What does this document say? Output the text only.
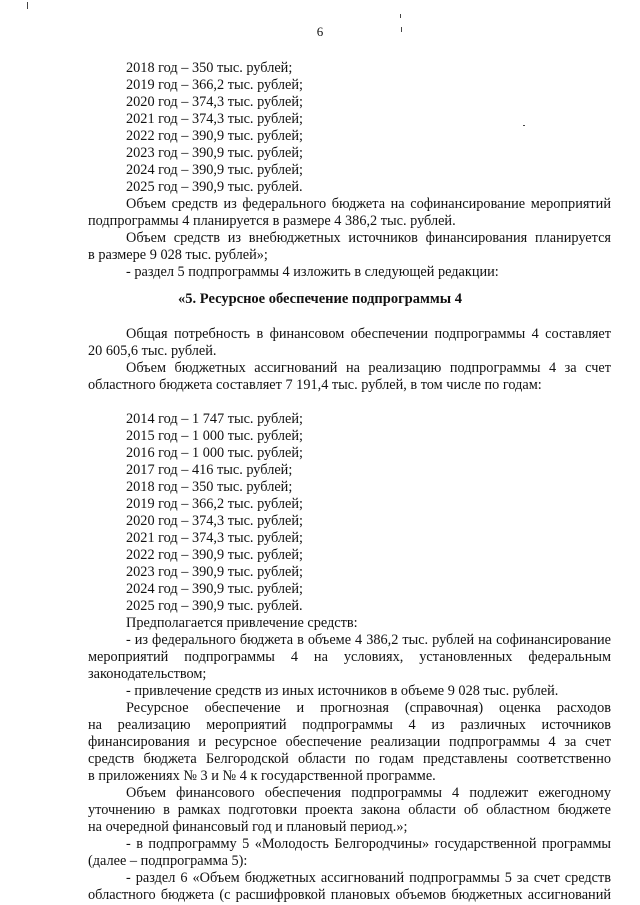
6
2018 год – 350 тыс. рублей;
2019 год – 366,2 тыс. рублей;
2020 год – 374,3 тыс. рублей;
2021 год – 374,3 тыс. рублей;
2022 год – 390,9 тыс. рублей;
2023 год – 390,9 тыс. рублей;
2024 год – 390,9 тыс. рублей;
2025 год – 390,9 тыс. рублей.
Объем средств из федерального бюджета на софинансирование мероприятий
подпрограммы 4 планируется в размере 4 386,2 тыс. рублей.
Объем средств из внебюджетных источников финансирования планируется
в размере 9 028 тыс. рублей»;
- раздел 5 подпрограммы 4 изложить в следующей редакции:
«5. Ресурсное обеспечение подпрограммы 4
Общая потребность в финансовом обеспечении подпрограммы 4 составляет
20 605,6 тыс. рублей.
Объем бюджетных ассигнований на реализацию подпрограммы 4 за счет
областного бюджета составляет 7 191,4 тыс. рублей, в том числе по годам:
2014 год – 1 747 тыс. рублей;
2015 год – 1 000 тыс. рублей;
2016 год – 1 000 тыс. рублей;
2017 год – 416 тыс. рублей;
2018 год – 350 тыс. рублей;
2019 год – 366,2 тыс. рублей;
2020 год – 374,3 тыс. рублей;
2021 год – 374,3 тыс. рублей;
2022 год – 390,9 тыс. рублей;
2023 год – 390,9 тыс. рублей;
2024 год – 390,9 тыс. рублей;
2025 год – 390,9 тыс. рублей.
Предполагается привлечение средств:
- из федерального бюджета в объеме 4 386,2 тыс. рублей на софинансирование
мероприятий подпрограммы 4 на условиях, установленных федеральным
законодательством;
- привлечение средств из иных источников в объеме 9 028 тыс. рублей.
Ресурсное обеспечение и прогнозная (справочная) оценка расходов
на реализацию мероприятий подпрограммы 4 из различных источников
финансирования и ресурсное обеспечение реализации подпрограммы 4 за счет
средств бюджета Белгородской области по годам представлены соответственно
в приложениях № 3 и № 4 к государственной программе.
Объем финансового обеспечения подпрограммы 4 подлежит ежегодному
уточнению в рамках подготовки проекта закона области об областном бюджете
на очередной финансовый год и плановый период.»;
- в подпрограмму 5 «Молодость Белгородчины» государственной программы
(далее – подпрограмма 5):
- раздел 6 «Объем бюджетных ассигнований подпрограммы 5 за счет средств
областного бюджета (с расшифровкой плановых объемов бюджетных ассигнований
